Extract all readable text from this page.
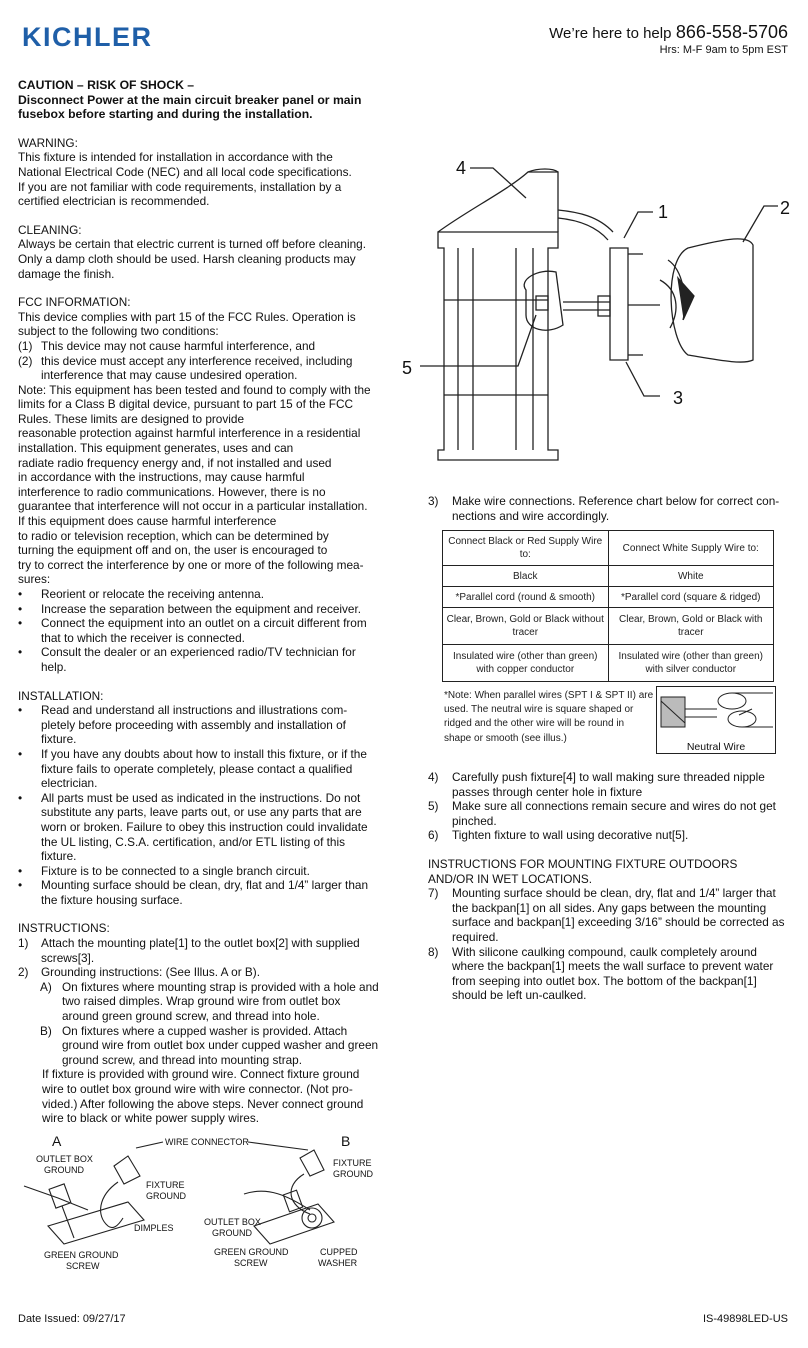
KICHLER	We’re here to help 866-558-5706
Hrs: M-F 9am to 5pm EST

CAUTION – RISK OF SHOCK –

Disconnect Power at the main circuit breaker panel or main fusebox before starting and during the installation.

WARNING:

This fixture is intended for installation in accordance with the

National Electrical Code (NEC) and all local code specifications.

If you are not familiar with code requirements, installation by a

certified electrician is recommended.

CLEANING:

Always be certain that electric current is turned off before cleaning.

Only a damp cloth should be used. Harsh cleaning products may

damage the finish.

FCC INFORMATION:

This device complies with part 15 of the FCC Rules. Operation is

subject to the following two conditions:

(1) This device may not cause harmful interference, and
(2) this device must accept any interference received, including interference that may cause undesired operation.

Note: This equipment has been tested and found to comply with the

limits for a Class B digital device, pursuant to part 15 of the FCC

Rules. These limits are designed to provide

reasonable protection against harmful interference in a residential

installation. This equipment generates, uses and can

radiate radio frequency energy and, if not installed and used

in accordance with the instructions, may cause harmful

interference to radio communications. However, there is no

guarantee that interference will not occur in a particular installation.

If this equipment does cause harmful interference

to radio or television reception, which can be determined by

turning the equipment off and on, the user is encouraged to

try to correct the interference by one or more of the following mea-

sures:

• Reorient or relocate the receiving antenna.
• Increase the separation between the equipment and receiver.
• Connect the equipment into an outlet on a circuit different from that to which the receiver is connected.
• Consult the dealer or an experienced radio/TV technician for help.

INSTALLATION:

• Read and understand all instructions and illustrations com- pletely before proceeding with assembly and installation of fixture.
• If you have any doubts about how to install this fixture, or if the fixture fails to operate completely, please contact a qualified electrician.
• All parts must be used as indicated in the instructions. Do not substitute any parts, leave parts out, or use any parts that are worn or broken. Failure to obey this instruction could invalidate the UL listing, C.S.A. certification, and/or ETL listing of this fixture.
• Fixture is to be connected to a single branch circuit.
• Mounting surface should be clean, dry, flat and 1/4” larger than the fixture housing surface.

INSTRUCTIONS:

1) Attach the mounting plate[1] to the outlet box[2] with supplied screws[3].
2) Grounding instructions: (See Illus. A or B).
A) On fixtures where mounting strap is provided with a hole and two raised dimples. Wrap ground wire from outlet box around green ground screw, and thread into hole.
B) On fixtures where a cupped washer is provided. Attach ground wire from outlet box under cupped washer and green ground screw, and thread into mounting strap.

If fixture is provided with ground wire. Connect fixture ground wire to outlet box ground wire with wire connector. (Not pro- vided.) After following the above steps. Never connect ground wire to black or white power supply wires.

4
1	2
3
5
3) Make wire connections. Reference chart below for correct con- nections and wire accordingly.
Connect Black or Red Supply Wire to:	Connect White Supply Wire to:
Black	White
*Parallel cord (round & smooth)	*Parallel cord (square & ridged)
Clear, Brown, Gold or Black without tracer	Clear, Brown, Gold or Black with tracer
Insulated wire (other than green) with copper conductor	Insulated wire (other than green) with silver conductor
*Note: When parallel wires (SPT I & SPT II) are used. The neutral wire is square shaped or ridged and the other wire will be round in shape or smooth (see illus.)
Neutral Wire
4) Carefully push fixture[4] to wall making sure threaded nipple passes through center hole in fixture
5) Make sure all connections remain secure and wires do not get pinched.
6) Tighten fixture to wall using decorative nut[5].

INSTRUCTIONS FOR MOUNTING FIXTURE OUTDOORS

AND/OR IN WET LOCATIONS.

7) Mounting surface should be clean, dry, flat and 1/4” larger that the backpan[1] on all sides. Any gaps between the mounting surface and backpan[1] exceeding 3/16” should be corrected as required.
8) With silicone caulking compound, caulk completely around where the backpan[1] meets the wall surface to prevent water from seeping into outlet box. The bottom of the backpan[1] should be left un-caulked.
A	B
WIRE CONNECTOR
OUTLET BOX
GROUND
FIXTURE
GROUND
DIMPLES
GREEN GROUND
SCREW
FIXTURE
GROUND
OUTLET BOX
GROUND
GREEN GROUND
SCREW
CUPPED
WASHER
Date Issued: 09/27/17	IS-49898LED-US
